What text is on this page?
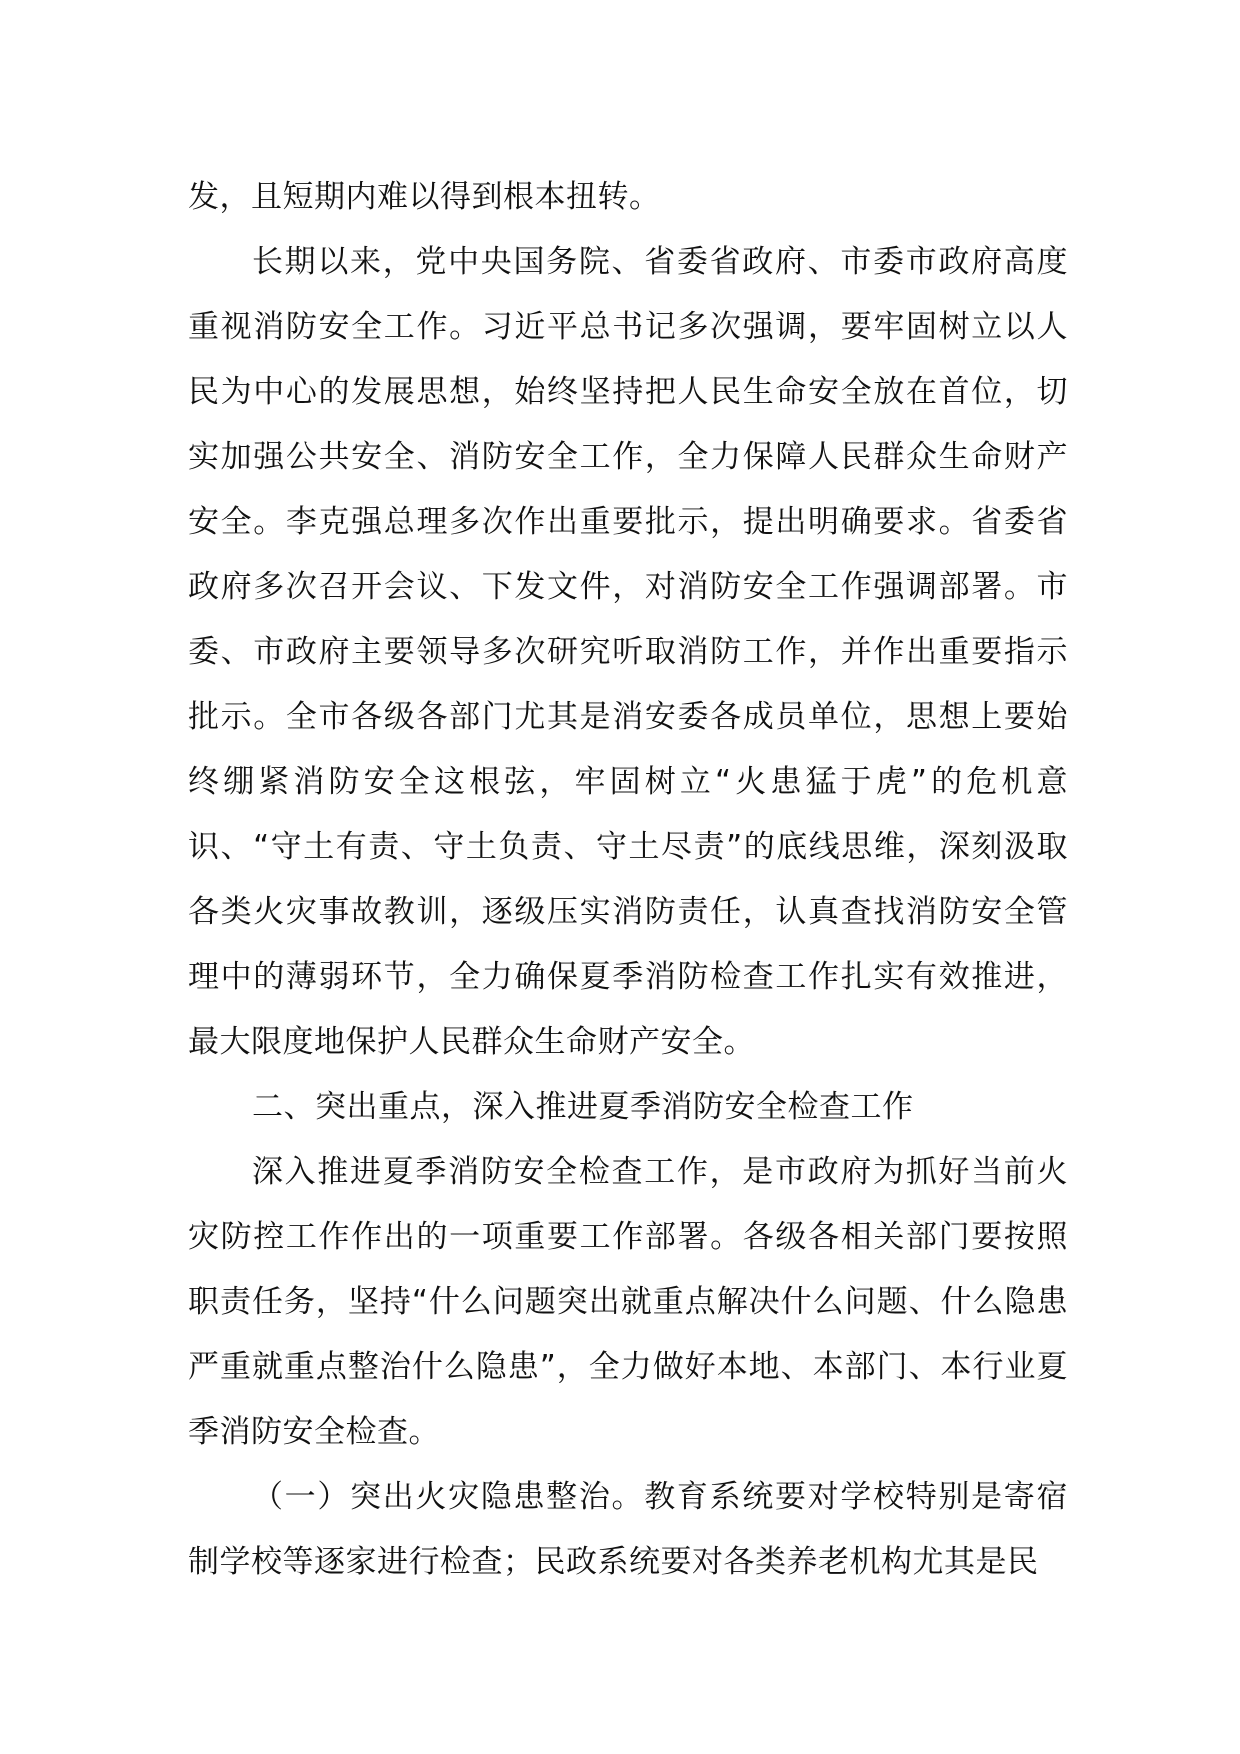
发，且短期内难以得到根本扭转。

长期以来，党中央国务院、省委省政府、市委市政府高度重视消防安全工作。习近平总书记多次强调，要牢固树立以人民为中心的发展思想，始终坚持把人民生命安全放在首位，切实加强公共安全、消防安全工作，全力保障人民群众生命财产安全。李克强总理多次作出重要批示，提出明确要求。省委省政府多次召开会议、下发文件，对消防安全工作强调部署。市委、市政府主要领导多次研究听取消防工作，并作出重要指示批示。全市各级各部门尤其是消安委各成员单位，思想上要始终绷紧消防安全这根弦，牢固树立“火患猛于虎”的危机意识、“守土有责、守土负责、守土尽责”的底线思维，深刻汲取各类火灾事故教训，逐级压实消防责任，认真查找消防安全管理中的薄弱环节，全力确保夏季消防检查工作扎实有效推进，最大限度地保护人民群众生命财产安全。

二、突出重点，深入推进夏季消防安全检查工作

深入推进夏季消防安全检查工作，是市政府为抓好当前火灾防控工作作出的一项重要工作部署。各级各相关部门要按照职责任务，坚持“什么问题突出就重点解决什么问题、什么隐患严重就重点整治什么隐患”，全力做好本地、本部门、本行业夏季消防安全检查。

（一）突出火灾隐患整治。教育系统要对学校特别是寄宿制学校等逐家进行检查；民政系统要对各类养老机构尤其是民
